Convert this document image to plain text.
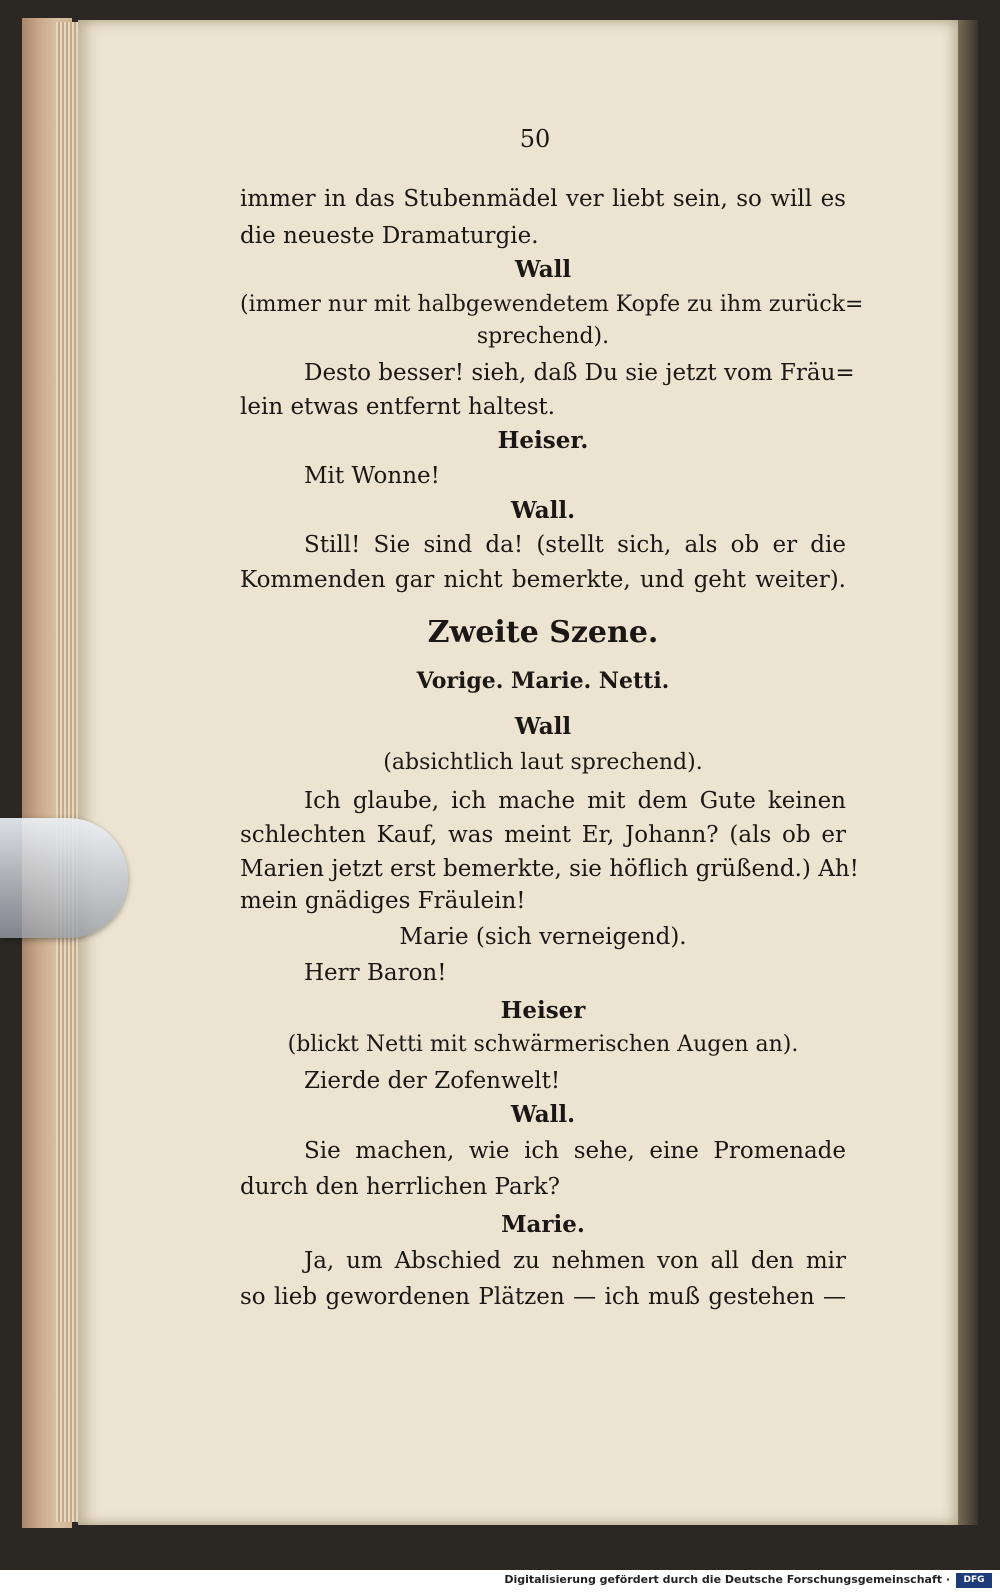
50
immer in das Stubenmädel ver liebt sein, so will es
die neueste Dramaturgie.
Wall
(immer nur mit halbgewendetem Kopfe zu ihm zurück=
sprechend).
Desto besser! sieh, daß Du sie jetzt vom Fräu=
lein etwas entfernt haltest.
Heiser.
Mit Wonne!
Wall.
Still! Sie sind da! (stellt sich, als ob er die
Kommenden gar nicht bemerkte, und geht weiter).
Zweite Szene.
Vorige. Marie. Netti.
Wall
(absichtlich laut sprechend).
Ich glaube, ich mache mit dem Gute keinen
schlechten Kauf, was meint Er, Johann? (als ob er
Marien jetzt erst bemerkte, sie höflich grüßend.) Ah!
mein gnädiges Fräulein!
Marie (sich verneigend).
Herr Baron!
Heiser
(blickt Netti mit schwärmerischen Augen an).
Zierde der Zofenwelt!
Wall.
Sie machen, wie ich sehe, eine Promenade
durch den herrlichen Park?
Marie.
Ja, um Abschied zu nehmen von all den mir
so lieb gewordenen Plätzen — ich muß gestehen —
Digitalisierung gefördert durch die Deutsche Forschungsgemeinschaft ·	DFG
